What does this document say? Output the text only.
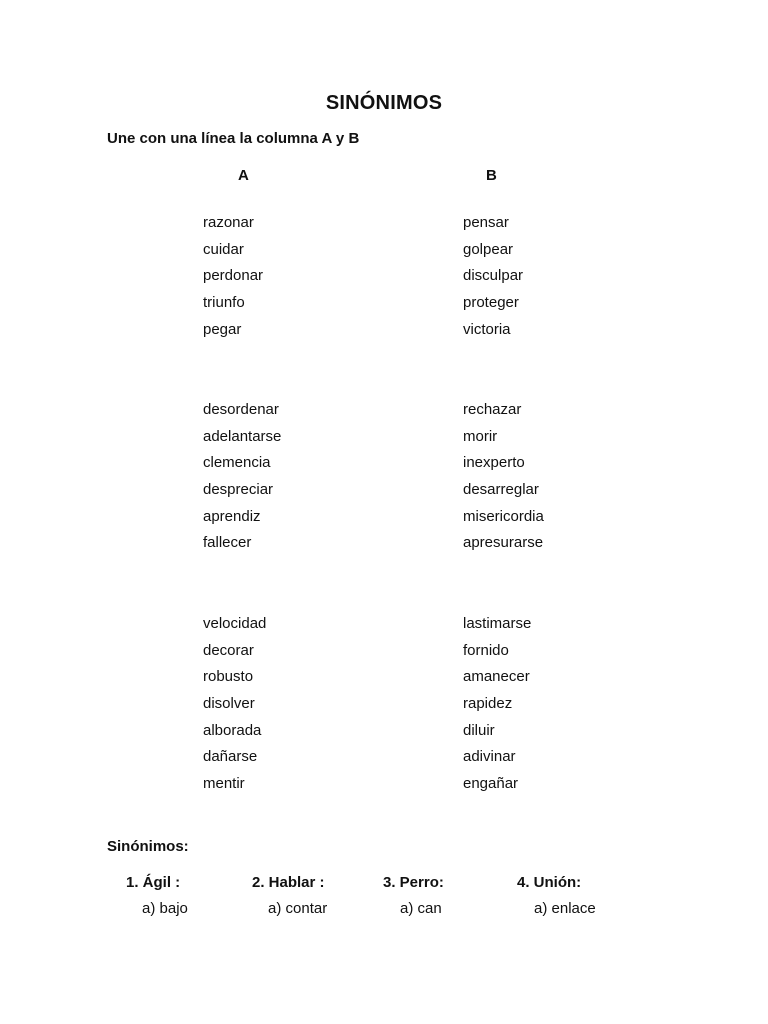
SINÓNIMOS
Une con una línea la columna A y B
A	B
razonar
cuidar
perdonar
triunfo
pegar
pensar
golpear
disculpar
proteger
victoria
desordenar
adelantarse
clemencia
despreciar
aprendiz
fallecer
rechazar
morir
inexperto
desarreglar
misericordia
apresurarse
velocidad
decorar
robusto
disolver
alborada
dañarse
mentir
lastimarse
fornido
amanecer
rapidez
diluir
adivinar
engañar
Sinónimos:
1. Ágil :
a) bajo
2. Hablar :
a) contar
3. Perro:
a) can
4. Unión:
a) enlace
